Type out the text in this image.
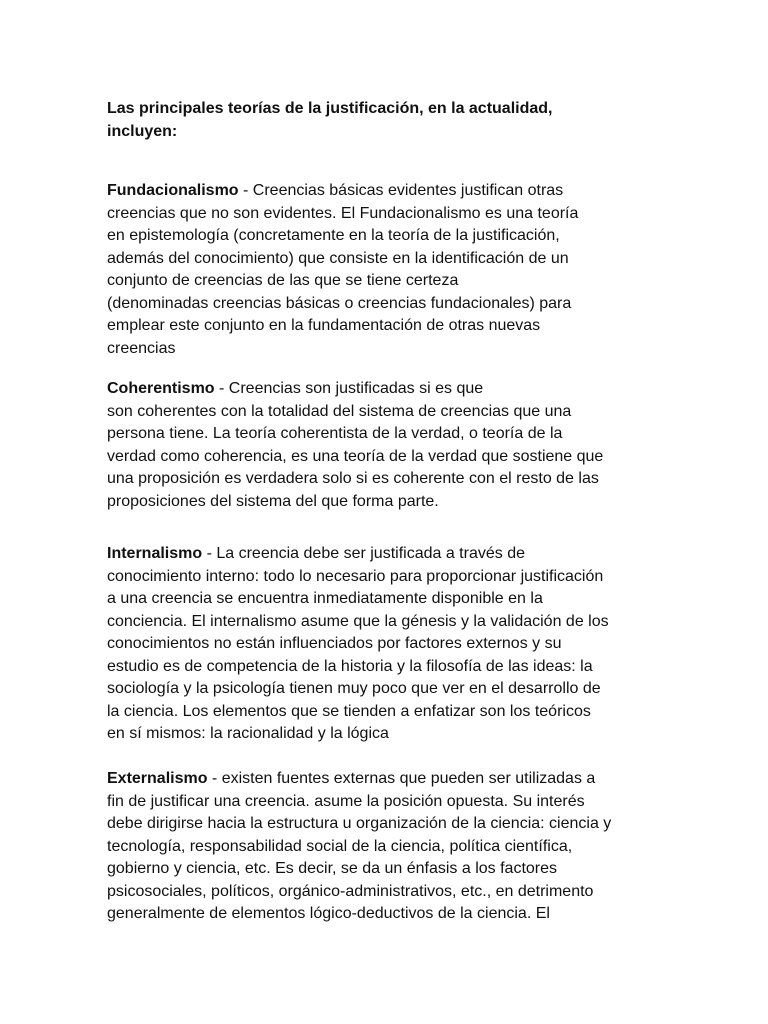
Las principales teorías de la justificación, en la actualidad,
incluyen:

Fundacionalismo - Creencias básicas evidentes justifican otras
creencias que no son evidentes. El Fundacionalismo es una teoría
en epistemología (concretamente en la teoría de la justificación,
además del conocimiento) que consiste en la identificación de un
conjunto de creencias de las que se tiene certeza
(denominadas creencias básicas o creencias fundacionales) para
emplear este conjunto en la fundamentación de otras nuevas
creencias

Coherentismo - Creencias son justificadas si es que
son coherentes con la totalidad del sistema de creencias que una
persona tiene. La teoría coherentista de la verdad, o teoría de la
verdad como coherencia, es una teoría de la verdad que sostiene que
una proposición es verdadera solo si es coherente con el resto de las
proposiciones del sistema del que forma parte.

Internalismo - La creencia debe ser justificada a través de
conocimiento interno: todo lo necesario para proporcionar justificación
a una creencia se encuentra inmediatamente disponible en la
conciencia. El internalismo asume que la génesis y la validación de los
conocimientos no están influenciados por factores externos y su
estudio es de competencia de la historia y la filosofía de las ideas: la
sociología y la psicología tienen muy poco que ver en el desarrollo de
la ciencia. Los elementos que se tienden a enfatizar son los teóricos
en sí mismos: la racionalidad y la lógica

Externalismo - existen fuentes externas que pueden ser utilizadas a
fin de justificar una creencia. asume la posición opuesta. Su interés
debe dirigirse hacia la estructura u organización de la ciencia: ciencia y
tecnología, responsabilidad social de la ciencia, política científica,
gobierno y ciencia, etc. Es decir, se da un énfasis a los factores
psicosociales, políticos, orgánico-administrativos, etc., en detrimento
generalmente de elementos lógico-deductivos de la ciencia. El
